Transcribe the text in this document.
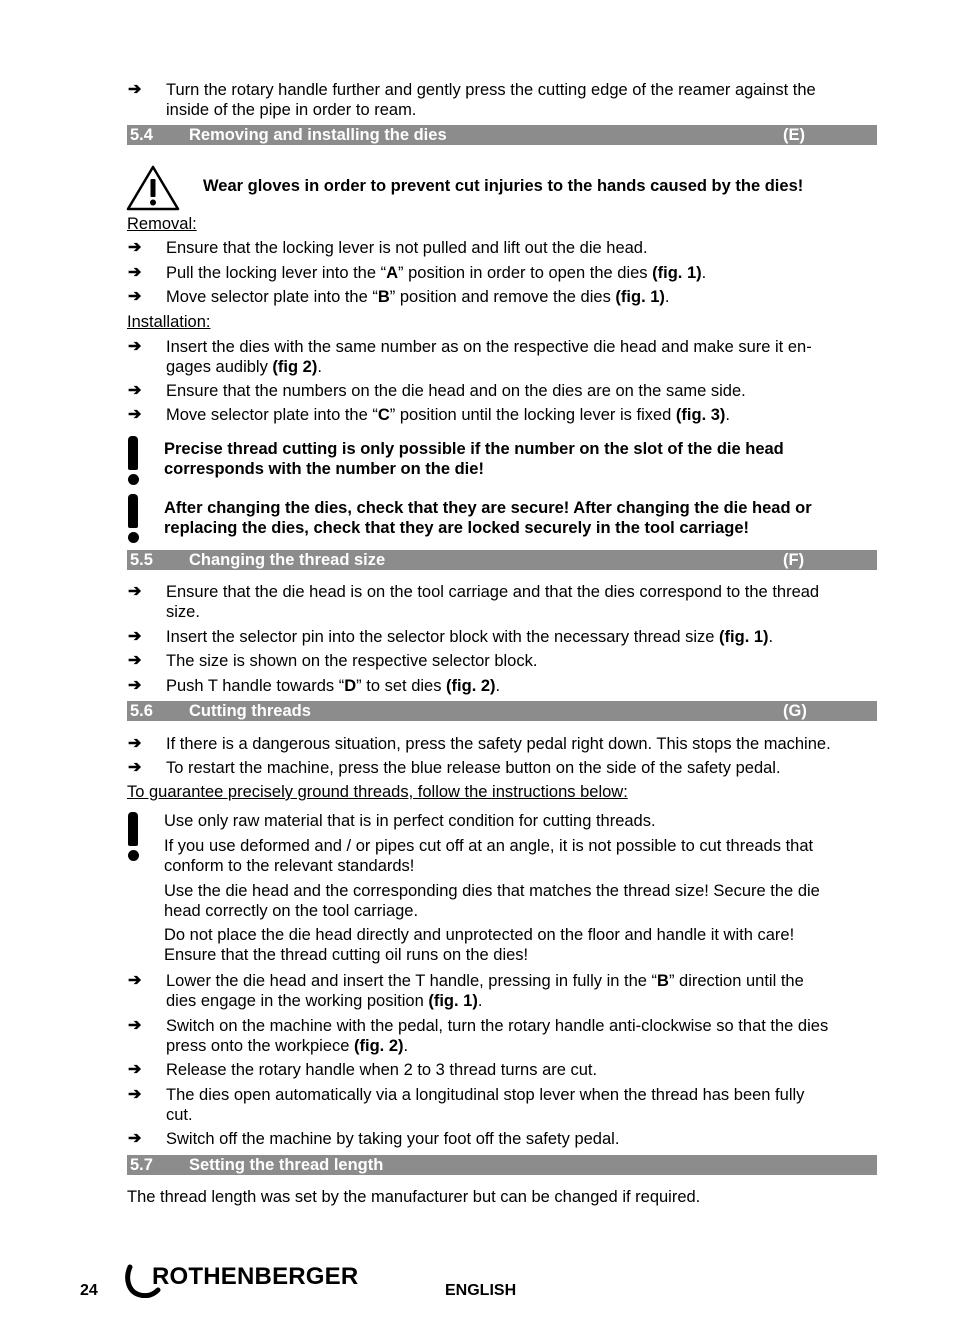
➔ Turn the rotary handle further and gently press the cutting edge of the reamer against the
inside of the pipe in order to ream.
5.4 Removing and installing the dies	(E)
Wear gloves in order to prevent cut injuries to the hands caused by the dies!
Removal:
➔ Ensure that the locking lever is not pulled and lift out the die head.
➔ Pull the locking lever into the “A” position in order to open the dies (fig. 1).
➔ Move selector plate into the “B” position and remove the dies (fig. 1).
Installation:
➔ Insert the dies with the same number as on the respective die head and make sure it en-
gages audibly (fig 2).
➔ Ensure that the numbers on the die head and on the dies are on the same side.
➔ Move selector plate into the “C” position until the locking lever is fixed (fig. 3).
Precise thread cutting is only possible if the number on the slot of the die head
corresponds with the number on the die!
After changing the dies, check that they are secure! After changing the die head or
replacing the dies, check that they are locked securely in the tool carriage!
5.5 Changing the thread size	(F)
➔ Ensure that the die head is on the tool carriage and that the dies correspond to the thread
size.
➔ Insert the selector pin into the selector block with the necessary thread size (fig. 1).
➔ The size is shown on the respective selector block.
➔ Push T handle towards “D” to set dies (fig. 2).
5.6 Cutting threads	(G)
➔ If there is a dangerous situation, press the safety pedal right down. This stops the machine.
➔ To restart the machine, press the blue release button on the side of the safety pedal.
To guarantee precisely ground threads, follow the instructions below:
Use only raw material that is in perfect condition for cutting threads.
If you use deformed and / or pipes cut off at an angle, it is not possible to cut threads that
conform to the relevant standards!
Use the die head and the corresponding dies that matches the thread size! Secure the die
head correctly on the tool carriage.
Do not place the die head directly and unprotected on the floor and handle it with care!
Ensure that the thread cutting oil runs on the dies!
➔ Lower the die head and insert the T handle, pressing in fully in the “B” direction until the
dies engage in the working position (fig. 1).
➔ Switch on the machine with the pedal, turn the rotary handle anti-clockwise so that the dies
press onto the workpiece (fig. 2).
➔ Release the rotary handle when 2 to 3 thread turns are cut.
➔ The dies open automatically via a longitudinal stop lever when the thread has been fully
cut.
➔ Switch off the machine by taking your foot off the safety pedal.
5.7 Setting the thread length
The thread length was set by the manufacturer but can be changed if required.
24
ROTHENBERGER
ENGLISH
